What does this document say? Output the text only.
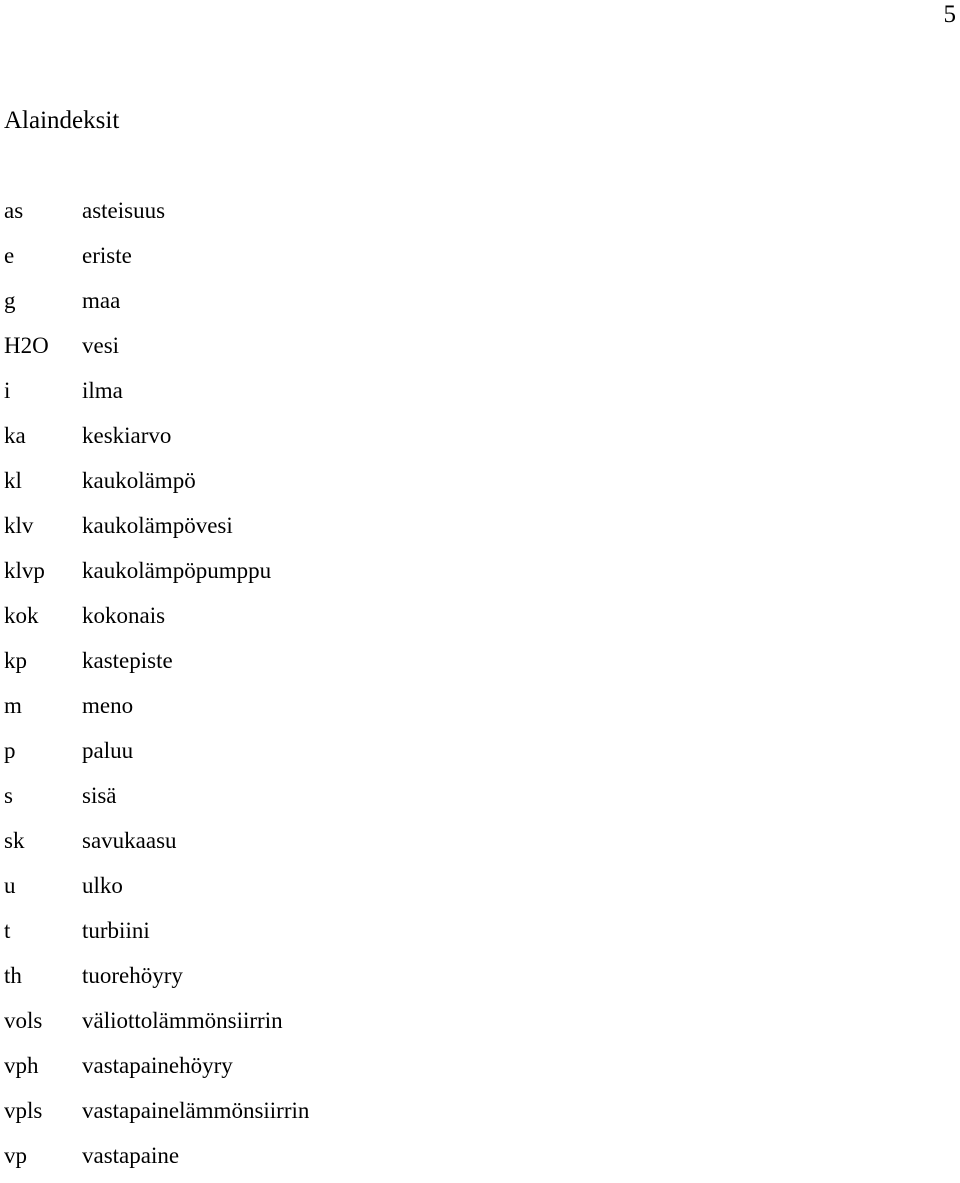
5
Alaindeksit
as	asteisuus
e	eriste
g	maa
H2O	vesi
i	ilma
ka	keskiarvo
kl	kaukolämpö
klv	kaukolämpövesi
klvp	kaukolämpöpumppu
kok	kokonais
kp	kastepiste
m	meno
p	paluu
s	sisä
sk	savukaasu
u	ulko
t	turbiini
th	tuorehöyry
vols	väliottolämmönsiirrin
vph	vastapainehöyry
vpls	vastapainelämmönsiirrin
vp	vastapaine
